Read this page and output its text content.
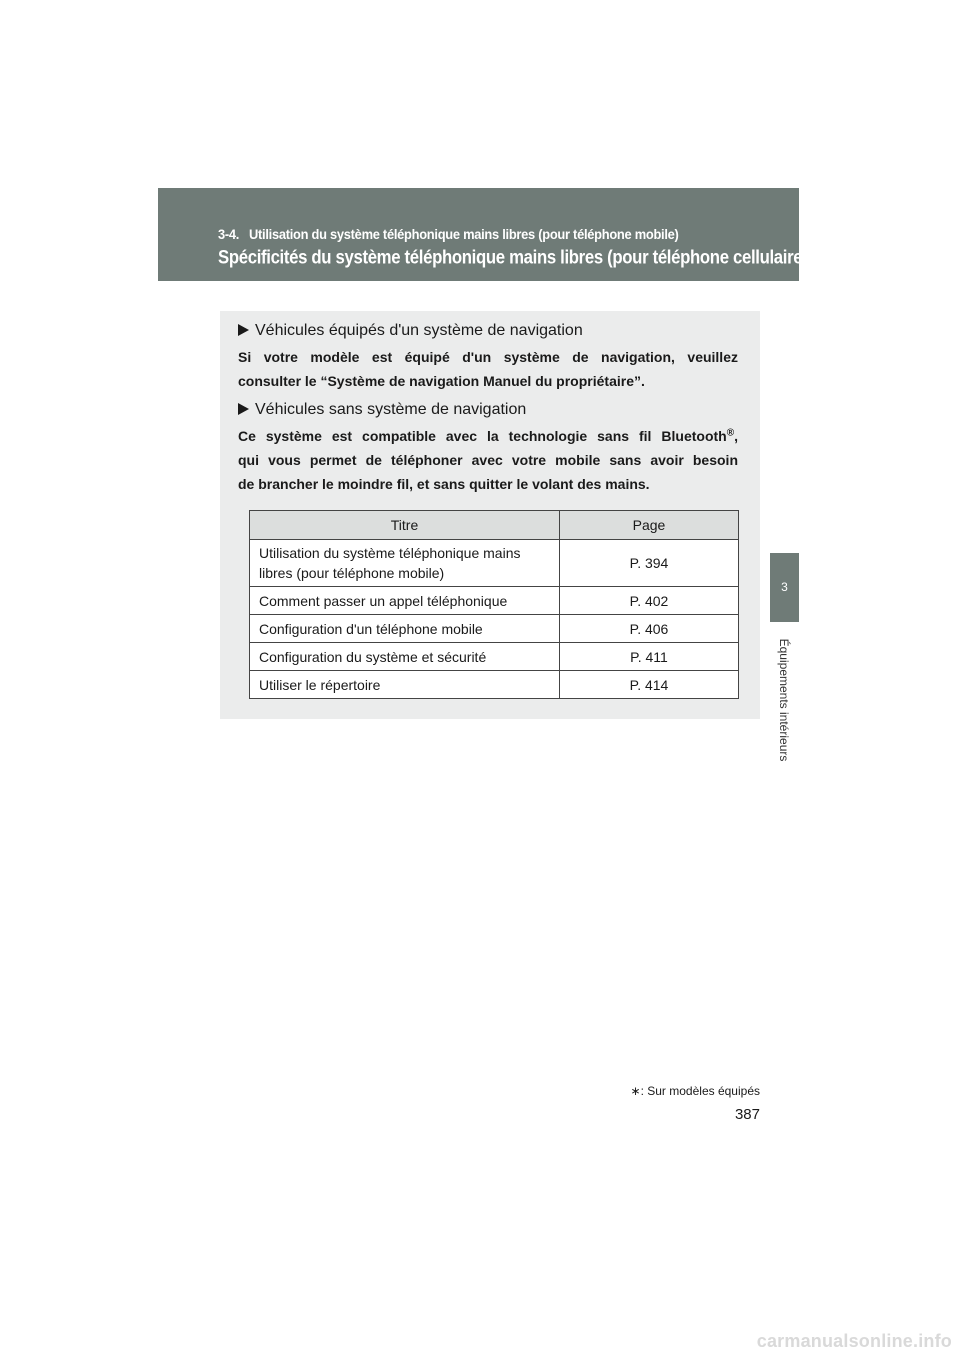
3-4.   Utilisation du système téléphonique mains libres (pour téléphone mobile)
Spécificités du système téléphonique mains libres (pour téléphone cellulaire)∗
3
Équipements intérieurs
Véhicules équipés d'un système de navigation
Si votre modèle est équipé d'un système de navigation, veuillez
consulter le “Système de navigation Manuel du propriétaire”.
Véhicules sans système de navigation
Ce système est compatible avec la technologie sans fil Bluetooth®,
qui vous permet de téléphoner avec votre mobile sans avoir besoin
de brancher le moindre fil, et sans quitter le volant des mains.
Titre	Page
Utilisation du système téléphonique mains
libres (pour téléphone mobile)	P. 394
Comment passer un appel téléphonique	P. 402
Configuration d'un téléphone mobile	P. 406
Configuration du système et sécurité	P. 411
Utiliser le répertoire	P. 414
∗: Sur modèles équipés
387
carmanualsonline.info
